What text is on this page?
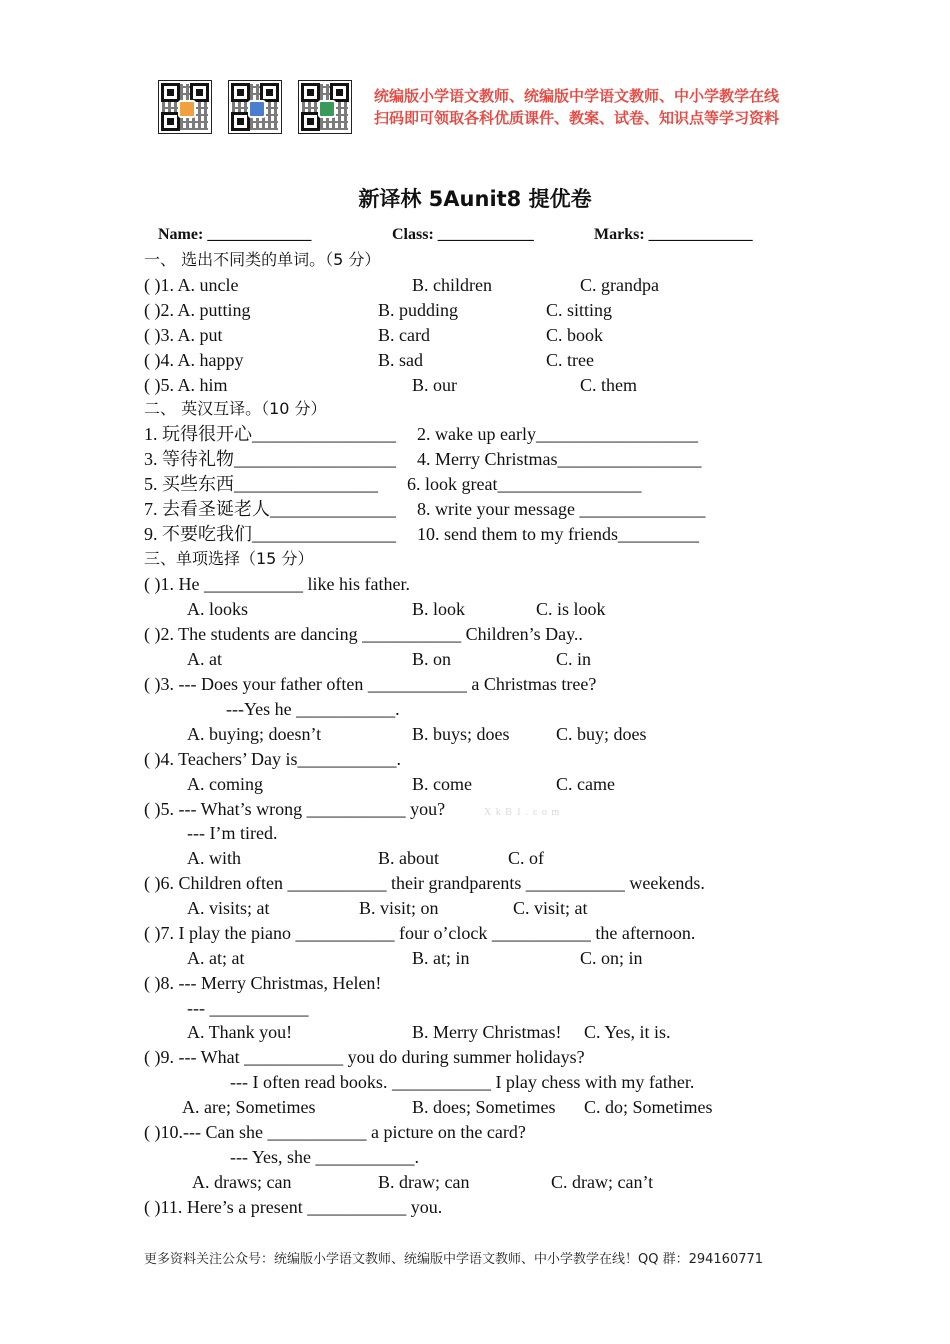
统编版小学语文教师、统编版中学语文教师、中小学教学在线
扫码即可领取各科优质课件、教案、试卷、知识点等学习资料
新译林 5Aunit8 提优卷
Name: _____________	Class: ____________	Marks: _____________
一、 选出不同类的单词。（5 分）
( )1. A. uncle	B. children	C. grandpa
( )2. A. putting	B. pudding	C. sitting
( )3. A. put	B. card	C. book
( )4. A. happy	B. sad	C. tree
( )5. A. him	B. our	C. them
二、 英汉互译。（10 分）
1. 玩得很开心________________ 2. wake up early__________________
3. 等待礼物__________________ 4. Merry Christmas________________
5. 买些东西________________ 6. look great________________
7. 去看圣诞老人______________ 8. write your message ______________
9. 不要吃我们________________ 10. send them to my friends_________
三、单项选择（15 分）
( )1. He ___________ like his father.
A. looks	B. look	C. is look
( )2. The students are dancing ___________ Children’s Day..
A. at	B. on	C. in
( )3. --- Does your father often ___________ a Christmas tree?
---Yes he ___________.
A. buying; doesn’t	B. buys; does	C. buy; does
( )4. Teachers’ Day is___________.
A. coming	B. come	C. came
( )5. --- What’s wrong ___________ you?	X k B 1 . c o m
--- I’m tired.
A. with	B. about	C. of
( )6. Children often ___________ their grandparents ___________ weekends.
A. visits; at	B. visit; on	C. visit; at
( )7. I play the piano ___________ four o’clock ___________ the afternoon.
A. at; at	B. at; in	C. on; in
( )8. --- Merry Christmas, Helen!
--- ___________
A. Thank you!	B. Merry Christmas! C. Yes, it is.
( )9. --- What ___________ you do during summer holidays?
--- I often read books. ___________ I play chess with my father.
A. are; Sometimes	B. does; Sometimes C. do; Sometimes
( )10.--- Can she ___________ a picture on the card?
--- Yes, she ___________.
A. draws; can	B. draw; can	C. draw; can’t
( )11. Here’s a present ___________ you.
更多资料关注公众号：统编版小学语文教师、统编版中学语文教师、中小学教学在线！QQ 群：294160771
